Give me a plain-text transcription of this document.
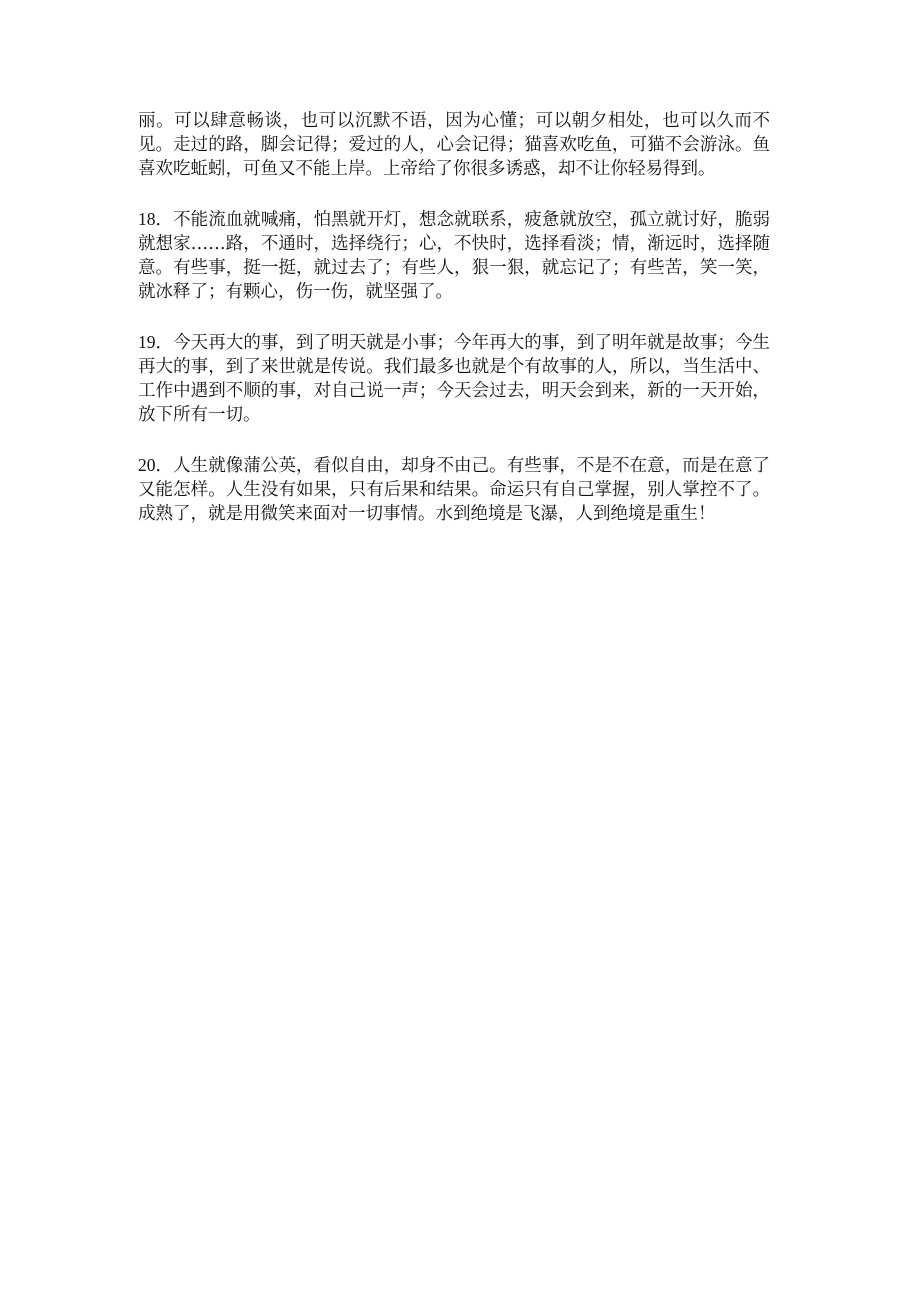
丽。可以肆意畅谈，也可以沉默不语，因为心懂；可以朝夕相处，也可以久而不见。走过的路，脚会记得；爱过的人，心会记得；猫喜欢吃鱼，可猫不会游泳。鱼喜欢吃蚯蚓，可鱼又不能上岸。上帝给了你很多诱惑，却不让你轻易得到。

18．不能流血就喊痛，怕黑就开灯，想念就联系，疲惫就放空，孤立就讨好，脆弱就想家……路，不通时，选择绕行；心，不快时，选择看淡；情，渐远时，选择随意。有些事，挺一挺，就过去了；有些人，狠一狠，就忘记了；有些苦，笑一笑，就冰释了；有颗心，伤一伤，就坚强了。

19．今天再大的事，到了明天就是小事；今年再大的事，到了明年就是故事；今生再大的事，到了来世就是传说。我们最多也就是个有故事的人，所以，当生活中、工作中遇到不顺的事，对自己说一声；今天会过去，明天会到来，新的一天开始，放下所有一切。

20．人生就像蒲公英，看似自由，却身不由己。有些事，不是不在意，而是在意了又能怎样。人生没有如果，只有后果和结果。命运只有自己掌握，别人掌控不了。成熟了，就是用微笑来面对一切事情。水到绝境是飞瀑，人到绝境是重生！
